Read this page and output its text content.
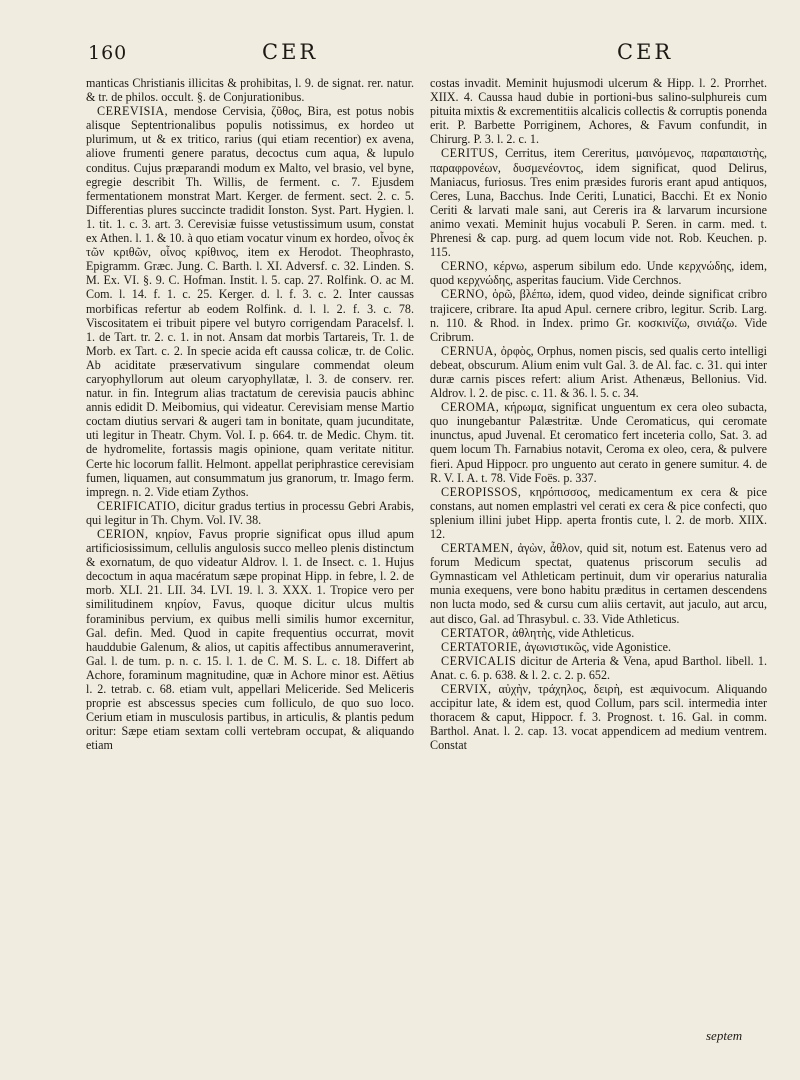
160	CER	CER

manticas Christianis illicitas & prohibitas, l. 9. de signat. rer. natur. & tr. de philos. occult. §. de Conjurationibus.

CEREVISIA, mendose Cervisia, ζῦθος, Bira, est potus nobis alisque Septentrionalibus populis notissimus, ex hordeo ut plurimum, ut & ex tritico, rarius (qui etiam recentior) ex avena, aliove frumenti genere paratus, decoctus cum aqua, & lupulo conditus. Cujus præparandi modum ex Malto, vel brasio, vel byne, egregie describit Th. Willis, de ferment. c. 7. Ejusdem fermentationem monstrat Mart. Kerger. de ferment. sect. 2. c. 5. Differentias plures succincte tradidit Ionston. Syst. Part. Hygien. l. 1. tit. 1. c. 3. art. 3. Cerevisiæ fuisse vetustissimum usum, constat ex Athen. l. 1. & 10. à quo etiam vocatur vinum ex hordeo, οἶνος ἐκ τῶν κριθῶν, οἶνος κρίθινος, item ex Herodot. Theophrasto, Epigramm. Græc. Jung. C. Barth. l. XI. Adversf. c. 32. Linden. S. M. Ex. VI. §. 9. C. Hofman. Instit. l. 5. cap. 27. Rolfink. O. ac M. Com. l. 14. f. 1. c. 25. Kerger. d. l. f. 3. c. 2. Inter caussas morbificas refertur ab eodem Rolfink. d. l. l. 2. f. 3. c. 78. Viscositatem ei tribuit pipere vel butyro corrigendam Paracelsf. l. 1. de Tart. tr. 2. c. 1. in not. Ansam dat morbis Tartareis, Tr. 1. de Morb. ex Tart. c. 2. In specie acida eft caussa colicæ, tr. de Colic. Ab aciditate præservativum singulare commendat oleum caryophyllorum aut oleum caryophyllatæ, l. 3. de conserv. rer. natur. in fin. Integrum alias tractatum de cerevisia paucis abhinc annis edidit D. Meibomius, qui videatur. Cerevisiam mense Martio coctam diutius servari & augeri tam in bonitate, quam jucunditate, uti legitur in Theatr. Chym. Vol. I. p. 664. tr. de Medic. Chym. tit. de hydromelite, fortassis magis opinione, quam veritate nititur. Certe hic locorum fallit. Helmont. appellat periphrastice cerevisiam fumen, liquamen, aut consummatum jus granorum, tr. Imago ferm. impregn. n. 2. Vide etiam Zythos.

CERIFICATIO, dicitur gradus tertius in processu Gebri Arabis, qui legitur in Th. Chym. Vol. IV. 38.

CERION, κηρίον, Favus proprie significat opus illud apum artificiosissimum, cellulis angulosis succo melleo plenis distinctum & exornatum, de quo videatur Aldrov. l. 1. de Insect. c. 1. Hujus decoctum in aqua macératum sæpe propinat Hipp. in febre, l. 2. de morb. XLI. 21. LII. 34. LVI. 19. l. 3. XXX. 1. Tropice vero per similitudinem κηρίον, Favus, quoque dicitur ulcus multis foraminibus pervium, ex quibus melli similis humor excernitur, Gal. defin. Med. Quod in capite frequentius occurrat, movit hauddubie Galenum, & alios, ut capitis affectibus annumeraverint, Gal. l. de tum. p. n. c. 15. l. 1. de C. M. S. L. c. 18. Differt ab Achore, foraminum magnitudine, quæ in Achore minor est. Aëtius l. 2. tetrab. c. 68. etiam vult, appellari Meliceride. Sed Meliceris proprie est abscessus species cum folliculo, de quo suo loco. Cerium etiam in musculosis partibus, in articulis, & plantis pedum oritur: Sæpe etiam sextam colli vertebram occupat, & aliquando etiam

costas invadit. Meminit hujusmodi ulcerum & Hipp. l. 2. Prorrhet. XIIX. 4. Caussa haud dubie in portioni-bus salino-sulphureis cum pituita mixtis & excrementitiis alcalicis collectis & corruptis ponenda erit. P. Barbette Porriginem, Achores, & Favum confundit, in Chirurg. P. 3. l. 2. c. 1.

CERITUS, Cerritus, item Cereritus, μαινόμενος, παραπαιστὴς, παραφρονέων, δυσμενέοντος, idem significat, quod Delirus, Maniacus, furiosus. Tres enim præsides furoris erant apud antiquos, Ceres, Luna, Bacchus. Inde Ceriti, Lunatici, Bacchi. Et ex Nonio Ceriti & larvati male sani, aut Cereris ira & larvarum incursione animo vexati. Meminit hujus vocabuli P. Seren. in carm. med. t. Phrenesi & cap. purg. ad quem locum vide not. Rob. Keuchen. p. 115.

CERNO, κέρνω, asperum sibilum edo. Unde κερχνώδης, idem, quod κερχνώδης, asperitas faucium. Vide Cerchnos.

CERNO, ὁρῶ, βλέπω, idem, quod video, deinde significat cribro trajicere, cribrare. Ita apud Apul. cernere cribro, legitur. Scrib. Larg. n. 110. & Rhod. in Index. primo Gr. κοσκινίζω, σινιάζω. Vide Cribrum.

CERNUA, ὀρφὸς, Orphus, nomen piscis, sed qualis certo intelligi debeat, obscurum. Alium enim vult Gal. 3. de Al. fac. c. 31. qui inter duræ carnis pisces refert: alium Arist. Athenæus, Bellonius. Vid. Aldrov. l. 2. de pisc. c. 11. & 36. l. 5. c. 34.

CEROMA, κήρωμα, significat unguentum ex cera oleo subacta, quo inungebantur Palæstritæ. Unde Ceromaticus, qui ceromate inunctus, apud Juvenal. Et ceromatico fert inceteria collo, Sat. 3. ad quem locum Th. Farnabius notavit, Ceroma ex oleo, cera, & pulvere fieri. Apud Hippocr. pro unguento aut cerato in genere sumitur. 4. de R. V. I. A. t. 78. Vide Foës. p. 337.

CEROPISSOS, κηρόπισσος, medicamentum ex cera & pice constans, aut nomen emplastri vel cerati ex cera & pice confecti, quo splenium illini jubet Hipp. aperta frontis cute, l. 2. de morb. XIIX. 12.

CERTAMEN, ἀγὼν, ἆθλον, quid sit, notum est. Eatenus vero ad forum Medicum spectat, quatenus priscorum seculis ad Gymnasticam vel Athleticam pertinuit, dum vir operarius naturalia munia exequens, vere bono habitu præditus in certamen descendens non lucta modo, sed & cursu cum aliis certavit, aut jaculo, aut arcu, aut disco, Gal. ad Thrasybul. c. 33. Vide Athleticus.

CERTATOR, ἀθλητὴς, vide Athleticus.

CERTATORIE, ἀγωνιστικῶς, vide Agonistice.

CERVICALIS dicitur de Arteria & Vena, apud Barthol. libell. 1. Anat. c. 6. p. 638. & l. 2. c. 2. p. 652.

CERVIX, αὐχὴν, τράχηλος, δειρὴ, est æquivocum. Aliquando accipitur late, & idem est, quod Collum, pars scil. intermedia inter thoracem & caput, Hippocr. f. 3. Prognost. t. 16. Gal. in comm. Barthol. Anat. l. 2. cap. 13. vocat appendicem ad medium ventrem. Constat

septem
